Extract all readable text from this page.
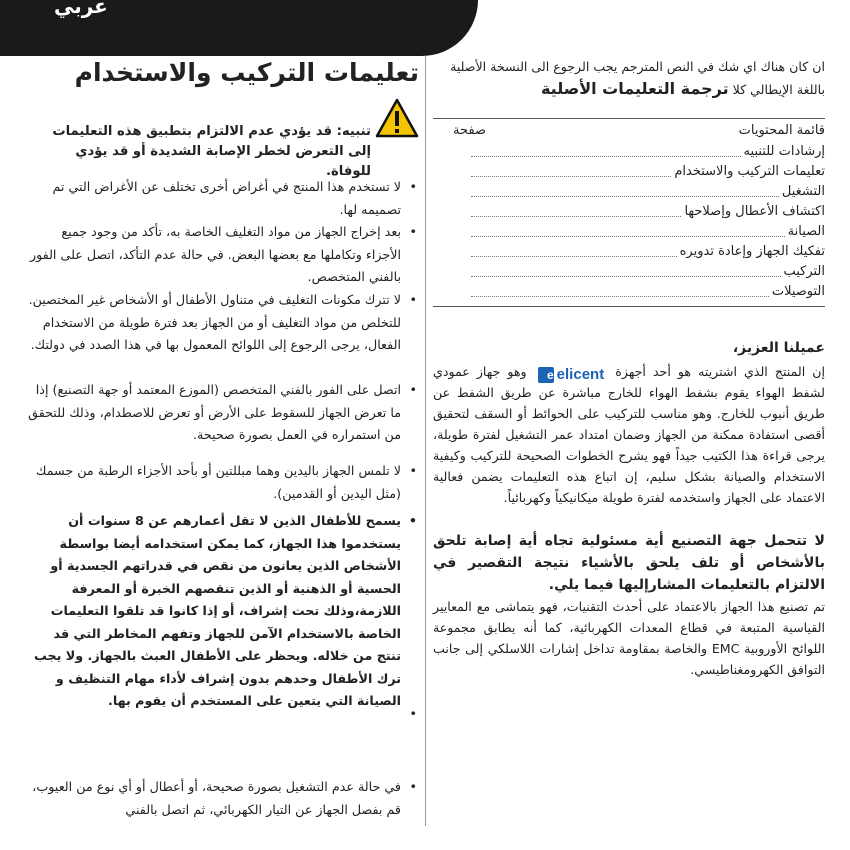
عربي
تعليمات التركيب والاستخدام
تنبيه: قد يؤدي عدم الالتزام بتطبيق هذه التعليمات إلى التعرض لخطر الإصابة الشديدة أو قد يؤدي للوفاة.
• لا تستخدم هذا المنتج في أغراض أخرى تختلف عن الأغراض التي تم تصميمه لها.
• بعد إخراج الجهاز من مواد التغليف الخاصة به، تأكد من وجود جميع الأجزاء وتكاملها مع بعضها البعض. في حالة عدم التأكد، اتصل على الفور بالفني المتخصص.
• لا تترك مكونات التغليف في متناول الأطفال أو الأشخاص غير المختصين. للتخلص من مواد التغليف أو من الجهاز بعد فترة طويلة من الاستخدام الفعال، يرجى الرجوع إلى اللوائح المعمول بها في هذا الصدد في دولتك.
• اتصل على الفور بالفني المتخصص (الموزع المعتمد أو جهة التصنيع) إذا ما تعرض الجهاز للسقوط على الأرض أو تعرض للاصطدام، وذلك للتحقق من استمراره في العمل بصورة صحيحة.
• لا تلمس الجهاز باليدين وهما مبللتين أو بأحد الأجزاء الرطبة من جسمك (مثل اليدين أو القدمين).
• يسمح للأطفال الذين لا تقل أعمارهم عن 8 سنوات أن يستخدموا هذا الجهاز، كما يمكن استخدامه أيضا بواسطة الأشخاص الذين يعانون من نقص في قدراتهم الجسدية أو الحسية أو الذهنية أو الذين تنقصهم الخبرة أو المعرفة اللازمة،وذلك تحت إشراف، أو إذا كانوا قد تلقوا التعليمات الخاصة بالاستخدام الآمن للجهاز وتفهم المخاطر التي قد تنتج من خلاله. ويحظر على الأطفال العبث بالجهاز. ولا يجب ترك الأطفال وحدهم بدون إشراف لأداء مهام التنظيف و الصيانة التي يتعين على المستخدم أن يقوم بها.
•
• في حالة عدم التشغيل بصورة صحيحة، أو أعطال أو أي نوع من العيوب، قم بفصل الجهاز عن التيار الكهربائي، ثم اتصل بالفني
ان كان هناك اي شك في النص المترجم يجب الرجوع الى النسخة الأصلية باللغة الإيطالي كلا ترجمة التعليمات الأصلية
قائمة المحتويات
صفحة
إرشادات للتنبيه
تعليمات التركيب والاستخدام
التشغيل
اكتشاف الأعطال وإصلاحها
الصيانة
تفكيك الجهاز وإعادة تدويره
التركيب
التوصيلات
عميلنا العزيز،
إن المنتج الذي اشتريته هو أحد أجهزة e elicent وهو جهاز عمودي لشفط الهواء يقوم بشفط الهواء للخارج مباشرة عن طريق الشفط عن طريق أنبوب للخارج. وهو مناسب للتركيب على الحوائط أو السقف لتحقيق أقصى استفادة ممكنة من الجهاز وضمان امتداد عمر التشغيل لفترة طويلة، يرجى قراءة هذا الكتيب جيداً فهو يشرح الخطوات الصحيحة للتركيب وكيفية الاستخدام والصيانة بشكل سليم، إن اتباع هذه التعليمات يضمن فعالية الاعتماد على الجهاز واستخدمه لفترة طويلة ميكانيكياً وكهربائياً.
لا تتحمل جهة التصنيع أية مسئولية تجاه أية إصابة تلحق بالأشخاص أو تلف يلحق بالأشياء نتيجة التقصير في الالتزام بالتعليمات المشارإليها فيما يلي.
تم تصنيع هذا الجهاز بالاعتماد على أحدث التقنيات، فهو يتماشى مع المعايير القياسية المتبعة في قطاع المعدات الكهربائية، كما أنه يطابق مجموعة اللوائح الأوروبية EMC والخاصة بمقاومة تداخل إشارات اللاسلكي إلى جانب التوافق الكهرومغناطيسي.
